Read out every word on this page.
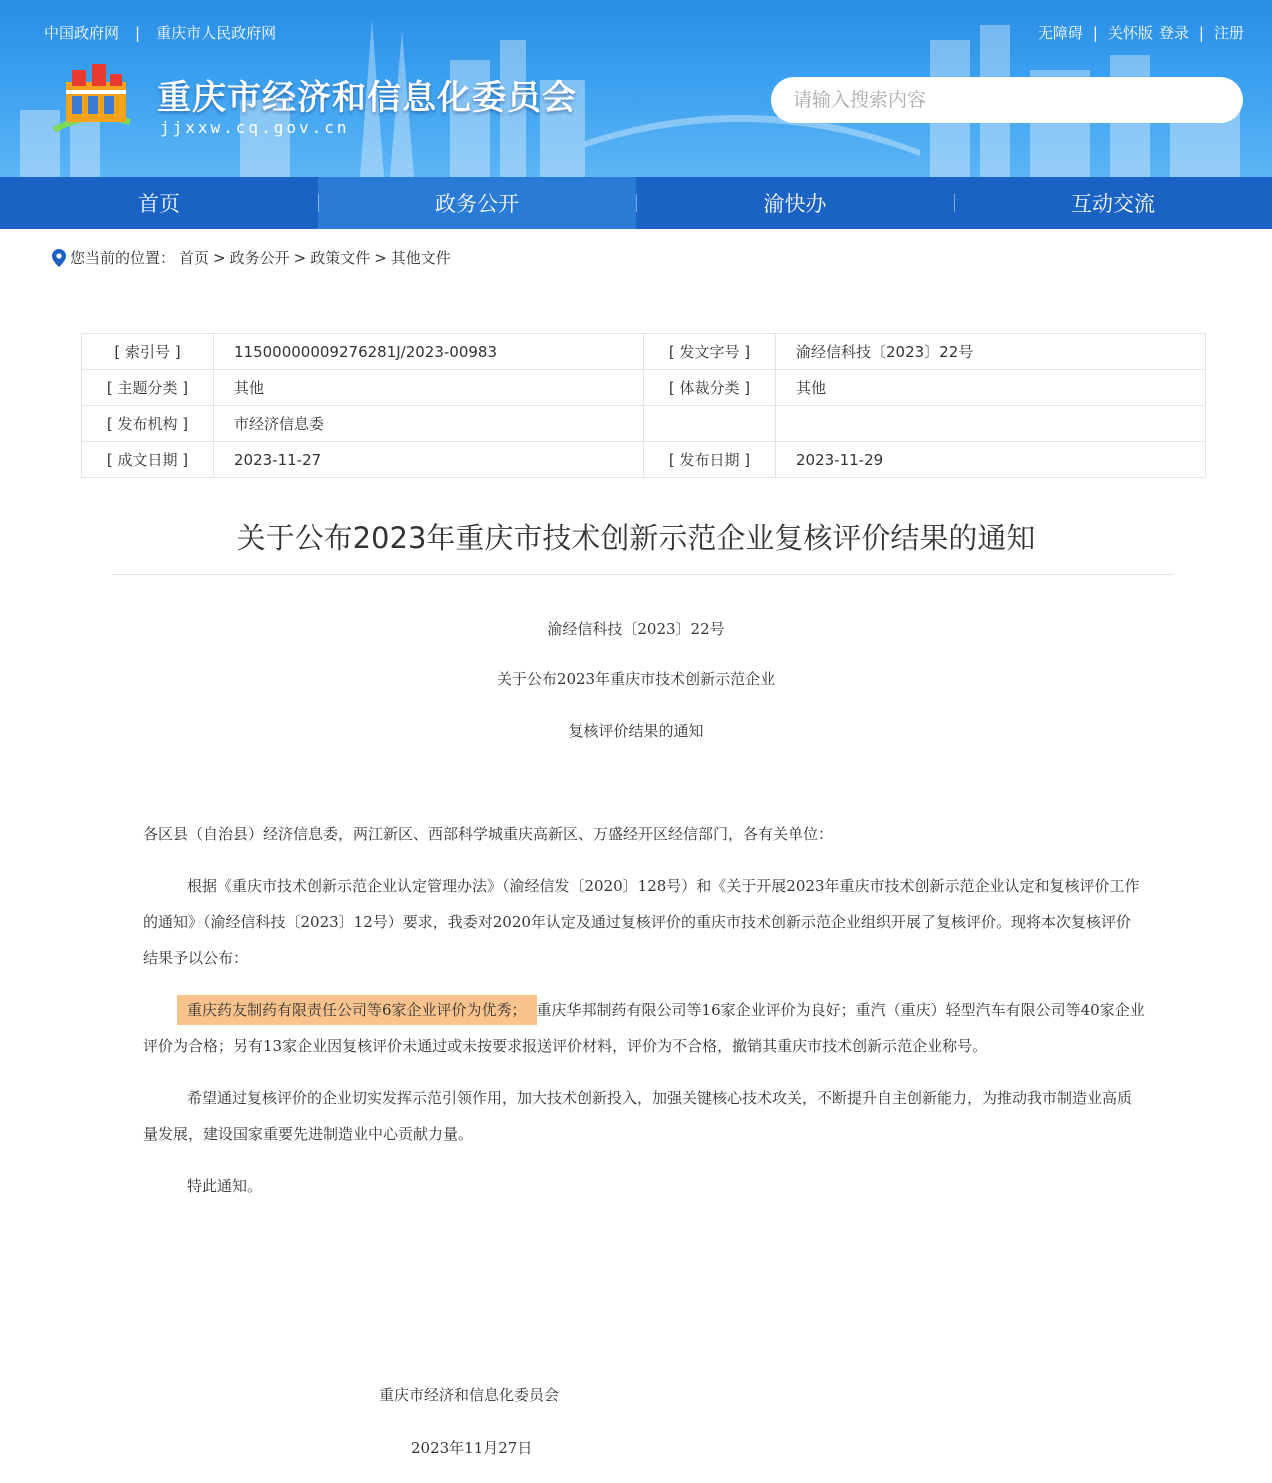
中国政府网 | 重庆市人民政府网	无障碍 | 关怀版 登录 | 注册
重庆市经济和信息化委员会
jjxxw.cq.gov.cn
请输入搜索内容
首页	政务公开	渝快办	互动交流
您当前的位置： 首页 > 政务公开 > 政策文件 > 其他文件
[ 索引号 ]	11500000009276281J/2023-00983	[ 发文字号 ]	渝经信科技〔2023〕22号
[ 主题分类 ]	其他	[ 体裁分类 ]	其他
[ 发布机构 ]	市经济信息委		
[ 成文日期 ]	2023-11-27	[ 发布日期 ]	2023-11-29
关于公布2023年重庆市技术创新示范企业复核评价结果的通知
渝经信科技〔2023〕22号
关于公布2023年重庆市技术创新示范企业
复核评价结果的通知
各区县（自治县）经济信息委，两江新区、西部科学城重庆高新区、万盛经开区经信部门，各有关单位：
根据《重庆市技术创新示范企业认定管理办法》（渝经信发〔2020〕128号）和《关于开展2023年重庆市技术创新示范企业认定和复核评价工作的通知》（渝经信科技〔2023〕12号）要求，我委对2020年认定及通过复核评价的重庆市技术创新示范企业组织开展了复核评价。现将本次复核评价结果予以公布：
重庆药友制药有限责任公司等6家企业评价为优秀； 重庆华邦制药有限公司等16家企业评价为良好；重汽（重庆）轻型汽车有限公司等40家企业评价为合格；另有13家企业因复核评价未通过或未按要求报送评价材料，评价为不合格，撤销其重庆市技术创新示范企业称号。
希望通过复核评价的企业切实发挥示范引领作用，加大技术创新投入，加强关键核心技术攻关，不断提升自主创新能力，为推动我市制造业高质量发展，建设国家重要先进制造业中心贡献力量。
特此通知。
重庆市经济和信息化委员会
2023年11月27日
